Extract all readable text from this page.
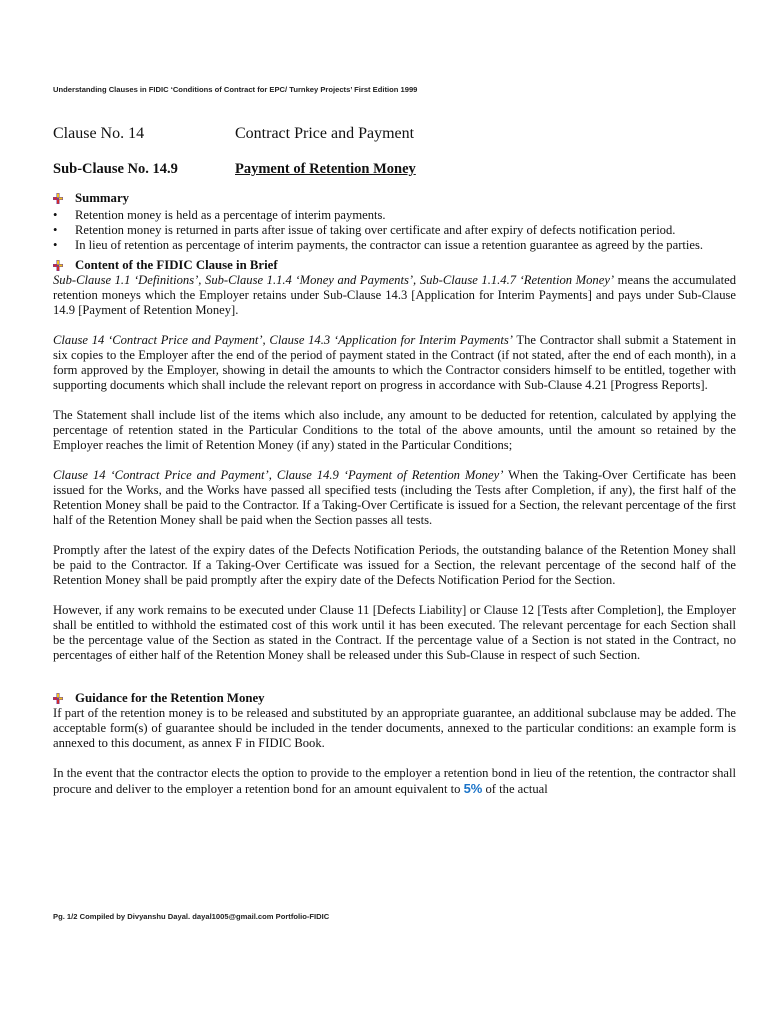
Understanding Clauses in FIDIC ‘Conditions of Contract for EPC/ Turnkey Projects’ First Edition 1999
Clause No. 14	Contract Price and Payment
Sub-Clause No. 14.9	Payment of Retention Money
Summary
• Retention money is held as a percentage of interim payments.
• Retention money is returned in parts after issue of taking over certificate and after expiry of defects notification period.
• In lieu of retention as percentage of interim payments, the contractor can issue a retention guarantee as agreed by the parties.
Content of the FIDIC Clause in Brief

Sub-Clause 1.1 ‘Definitions’, Sub-Clause 1.1.4 ‘Money and Payments’, Sub-Clause 1.1.4.7 ‘Retention Money’ means the accumulated retention moneys which the Employer retains under Sub-Clause 14.3 [Application for Interim Payments] and pays under Sub-Clause 14.9 [Payment of Retention Money].

Clause 14 ‘Contract Price and Payment’, Clause 14.3 ‘Application for Interim Payments’ The Contractor shall submit a Statement in six copies to the Employer after the end of the period of payment stated in the Contract (if not stated, after the end of each month), in a form approved by the Employer, showing in detail the amounts to which the Contractor considers himself to be entitled, together with supporting documents which shall include the relevant report on progress in accordance with Sub-Clause 4.21 [Progress Reports].

The Statement shall include list of the items which also include, any amount to be deducted for retention, calculated by applying the percentage of retention stated in the Particular Conditions to the total of the above amounts, until the amount so retained by the Employer reaches the limit of Retention Money (if any) stated in the Particular Conditions;

Clause 14 ‘Contract Price and Payment’, Clause 14.9 ‘Payment of Retention Money’ When the Taking-Over Certificate has been issued for the Works, and the Works have passed all specified tests (including the Tests after Completion, if any), the first half of the Retention Money shall be paid to the Contractor. If a Taking-Over Certificate is issued for a Section, the relevant percentage of the first half of the Retention Money shall be paid when the Section passes all tests.

Promptly after the latest of the expiry dates of the Defects Notification Periods, the outstanding balance of the Retention Money shall be paid to the Contractor. If a Taking-Over Certificate was issued for a Section, the relevant percentage of the second half of the Retention Money shall be paid promptly after the expiry date of the Defects Notification Period for the Section.

However, if any work remains to be executed under Clause 11 [Defects Liability] or Clause 12 [Tests after Completion], the Employer shall be entitled to withhold the estimated cost of this work until it has been executed. The relevant percentage for each Section shall be the percentage value of the Section as stated in the Contract. If the percentage value of a Section is not stated in the Contract, no percentages of either half of the Retention Money shall be released under this Sub-Clause in respect of such Section.

Guidance for the Retention Money

If part of the retention money is to be released and substituted by an appropriate guarantee, an additional subclause may be added. The acceptable form(s) of guarantee should be included in the tender documents, annexed to the particular conditions: an example form is annexed to this document, as annex F in FIDIC Book.

In the event that the contractor elects the option to provide to the employer a retention bond in lieu of the retention, the contractor shall procure and deliver to the employer a retention bond for an amount equivalent to 5% of the actual

Pg. 1/2 Compiled by Divyanshu Dayal. dayal1005@gmail.com Portfolio-FIDIC
